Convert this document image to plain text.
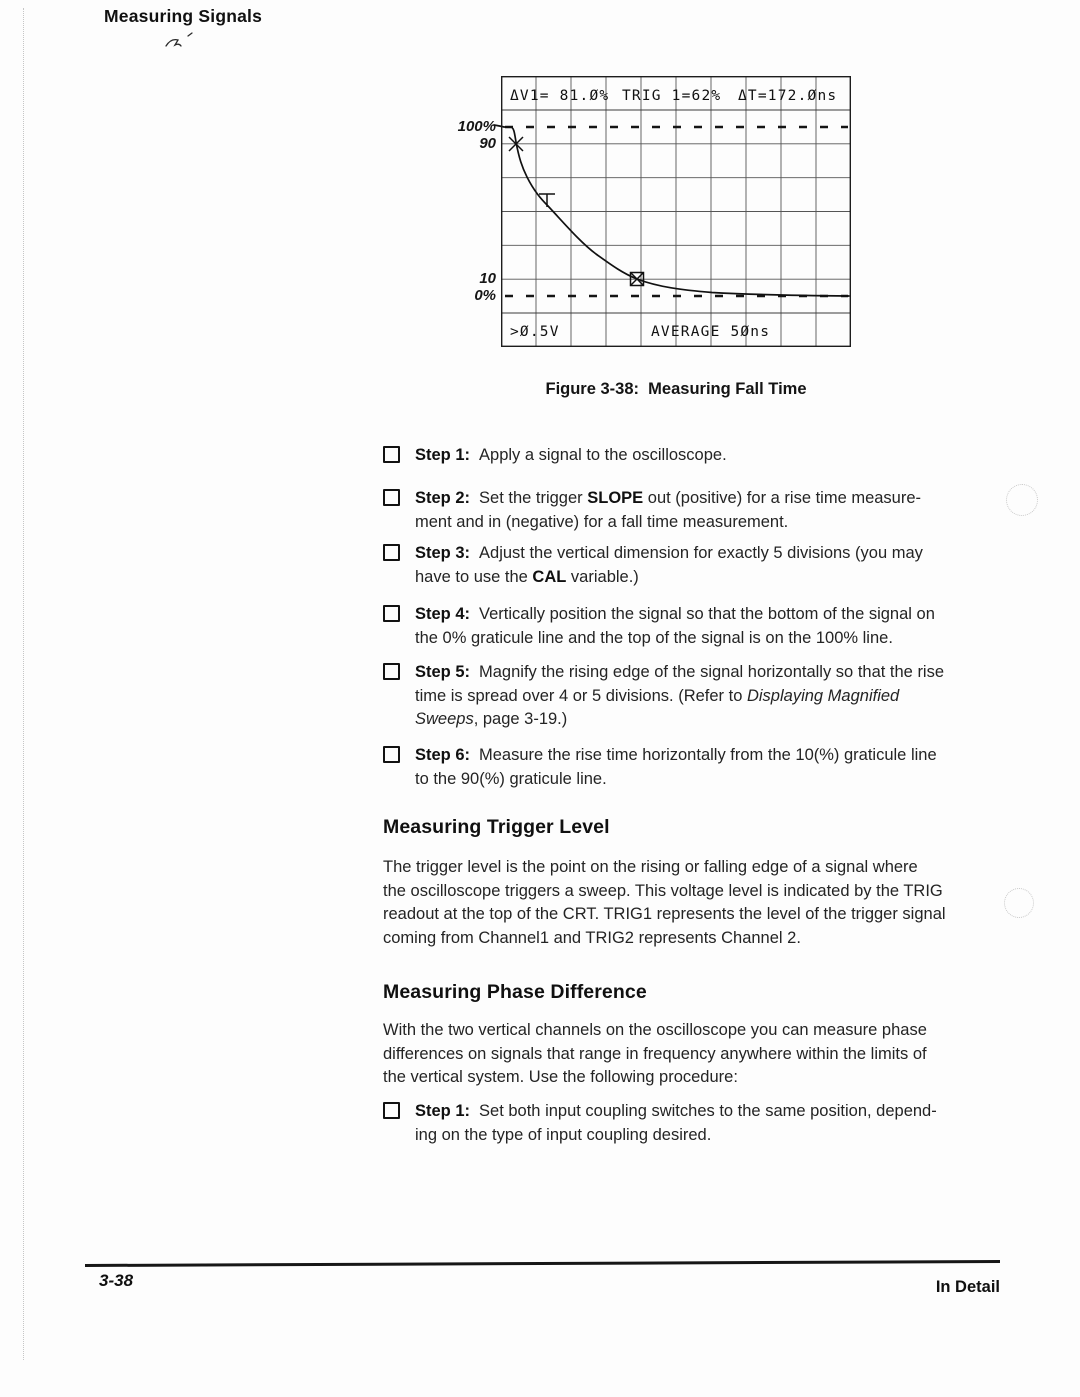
Measuring Signals
100%
90
10
0%
ΔV1= 81.Ø% TRIG 1=62% Δ̄T=172.Øns
>Ø.5V	AVERAGE 5Øns
Figure 3-38:  Measuring Fall Time
Step 1: Apply a signal to the oscilloscope.
Step 2: Set the trigger SLOPE out (positive) for a rise time measure-
ment and in (negative) for a fall time measurement.
Step 3: Adjust the vertical dimension for exactly 5 divisions (you may
have to use the CAL variable.)
Step 4: Vertically position the signal so that the bottom of the signal on
the 0% graticule line and the top of the signal is on the 100% line.
Step 5: Magnify the rising edge of the signal horizontally so that the rise
time is spread over 4 or 5 divisions. (Refer to Displaying Magnified
Sweeps, page 3-19.)
Step 6: Measure the rise time horizontally from the 10(%) graticule line
to the 90(%) graticule line.
Measuring Trigger Level
The trigger level is the point on the rising or falling edge of a signal where
the oscilloscope triggers a sweep. This voltage level is indicated by the TRIG
readout at the top of the CRT. TRIG1 represents the level of the trigger signal
coming from Channel1 and TRIG2 represents Channel 2.
Measuring Phase Difference
With the two vertical channels on the oscilloscope you can measure phase
differences on signals that range in frequency anywhere within the limits of
the vertical system. Use the following procedure:
Step 1: Set both input coupling switches to the same position, depend-
ing on the type of input coupling desired.
3-38	In Detail
